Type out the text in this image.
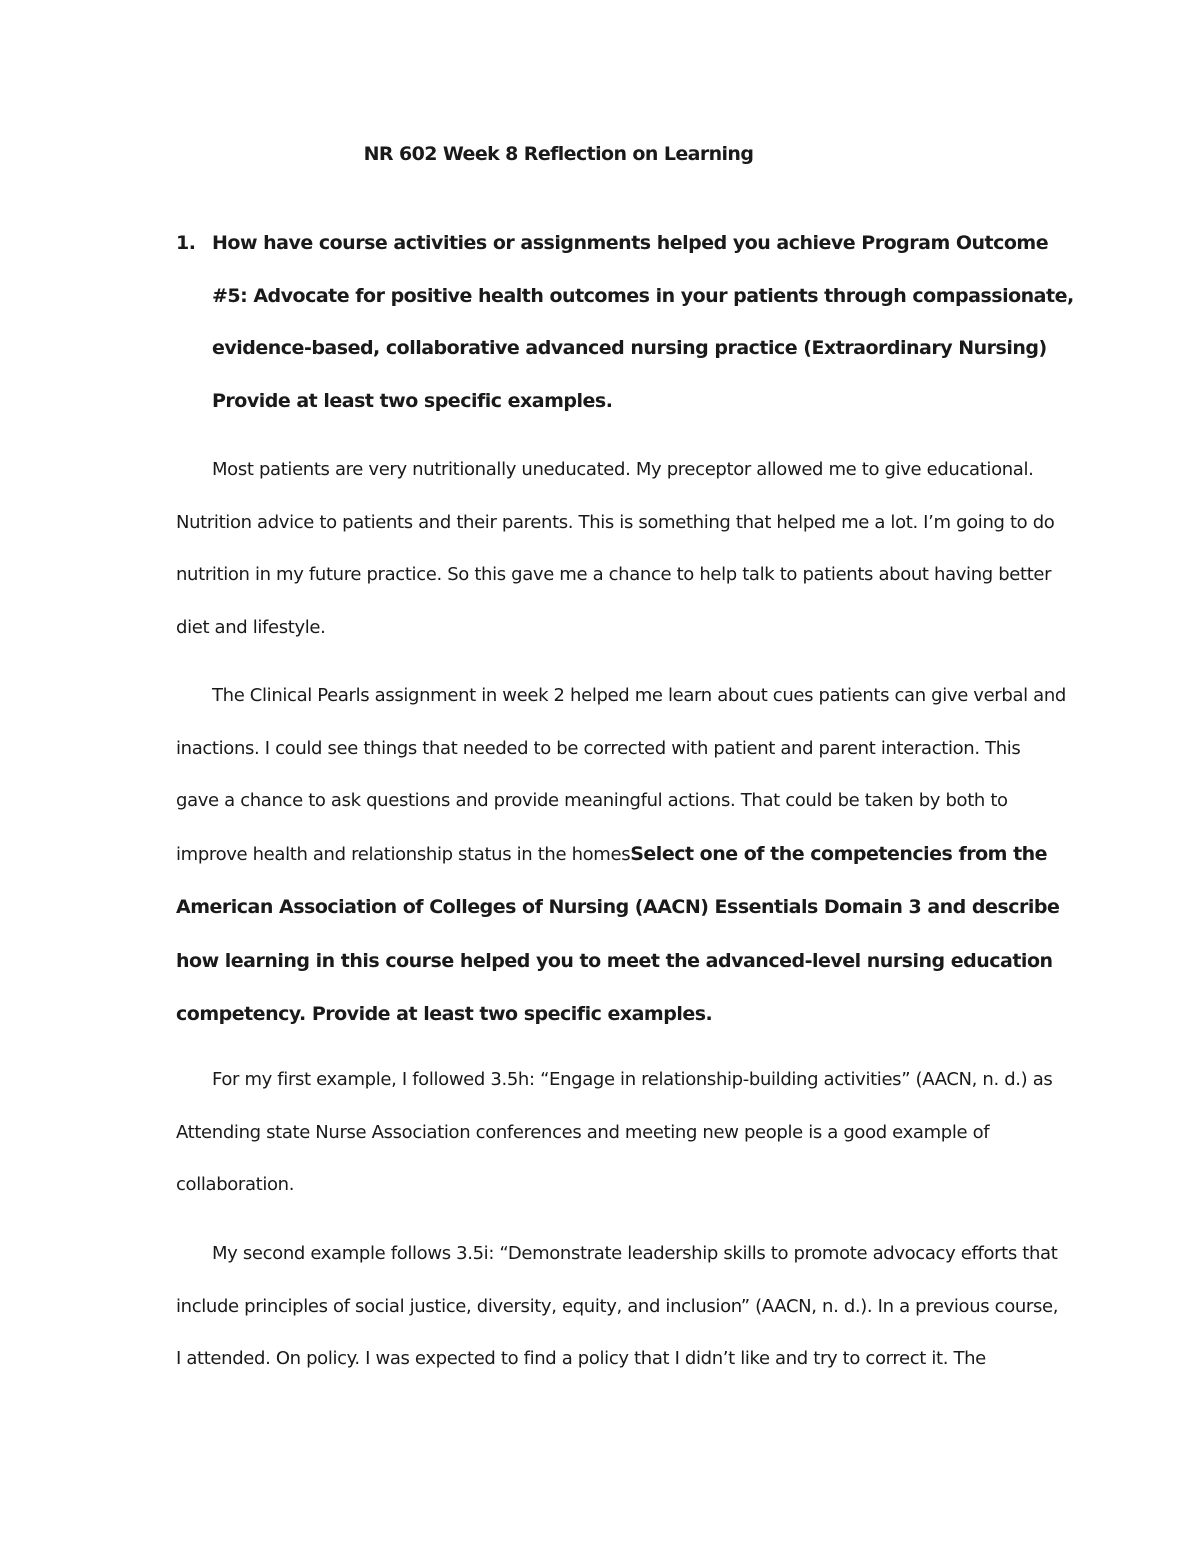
NR 602 Week 8 Reflection on Learning
1. How have course activities or assignments helped you achieve Program Outcome #5: Advocate for positive health outcomes in your patients through compassionate, evidence-based, collaborative advanced nursing practice (Extraordinary Nursing) Provide at least two specific examples.

Most patients are very nutritionally uneducated. My preceptor allowed me to give educational. Nutrition advice to patients and their parents. This is something that helped me a lot. I’m going to do nutrition in my future practice. So this gave me a chance to help talk to patients about having better diet and lifestyle.

The Clinical Pearls assignment in week 2 helped me learn about cues patients can give verbal and inactions. I could see things that needed to be corrected with patient and parent interaction. This gave a chance to ask questions and provide meaningful actions. That could be taken by both to improve health and relationship status in the homesSelect one of the competencies from the American Association of Colleges of Nursing (AACN) Essentials Domain 3 and describe how learning in this course helped you to meet the advanced-level nursing education competency. Provide at least two specific examples.

For my first example, I followed 3.5h: “Engage in relationship-building activities” (AACN, n. d.) as Attending state Nurse Association conferences and meeting new people is a good example of collaboration.

My second example follows 3.5i: “Demonstrate leadership skills to promote advocacy efforts that include principles of social justice, diversity, equity, and inclusion” (AACN, n. d.). In a previous course, I attended. On policy. I was expected to find a policy that I didn’t like and try to correct it. The
